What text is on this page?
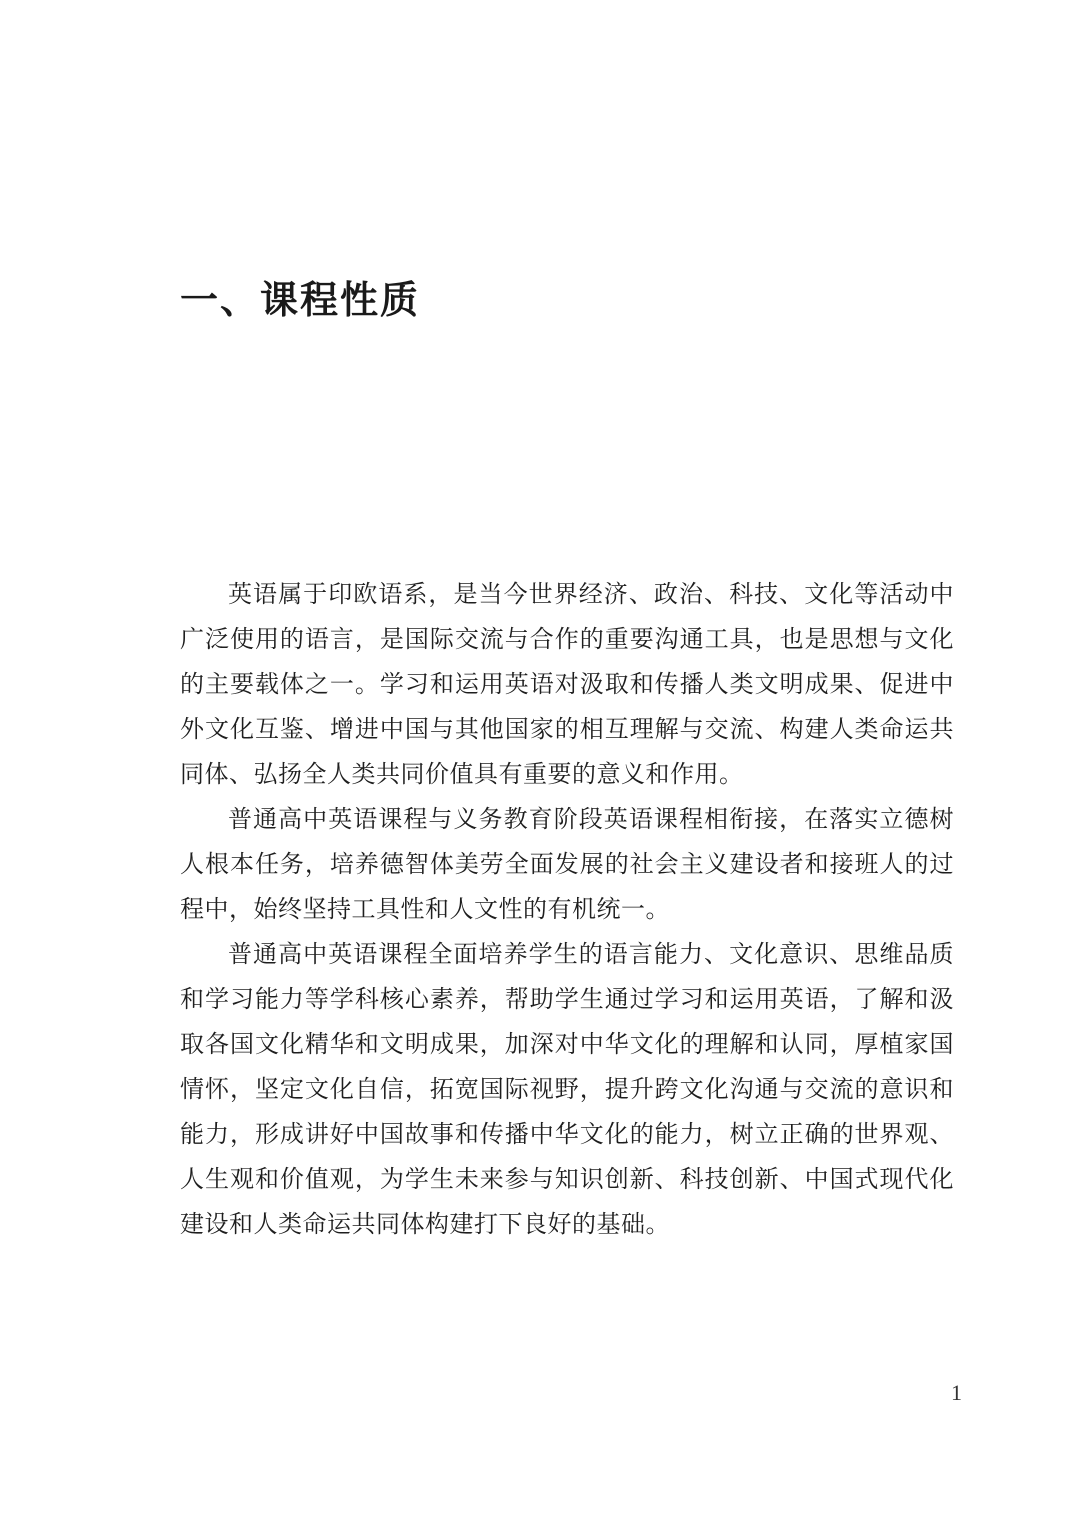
一、课程性质

英语属于印欧语系，是当今世界经济、政治、科技、文化等活动中广泛使用的语言，是国际交流与合作的重要沟通工具，也是思想与文化的主要载体之一。学习和运用英语对汲取和传播人类文明成果、促进中外文化互鉴、增进中国与其他国家的相互理解与交流、构建人类命运共同体、弘扬全人类共同价值具有重要的意义和作用。

普通高中英语课程与义务教育阶段英语课程相衔接，在落实立德树人根本任务，培养德智体美劳全面发展的社会主义建设者和接班人的过程中，始终坚持工具性和人文性的有机统一。

普通高中英语课程全面培养学生的语言能力、文化意识、思维品质和学习能力等学科核心素养，帮助学生通过学习和运用英语，了解和汲取各国文化精华和文明成果，加深对中华文化的理解和认同，厚植家国情怀，坚定文化自信，拓宽国际视野，提升跨文化沟通与交流的意识和能力，形成讲好中国故事和传播中华文化的能力，树立正确的世界观、人生观和价值观，为学生未来参与知识创新、科技创新、中国式现代化建设和人类命运共同体构建打下良好的基础。

1
